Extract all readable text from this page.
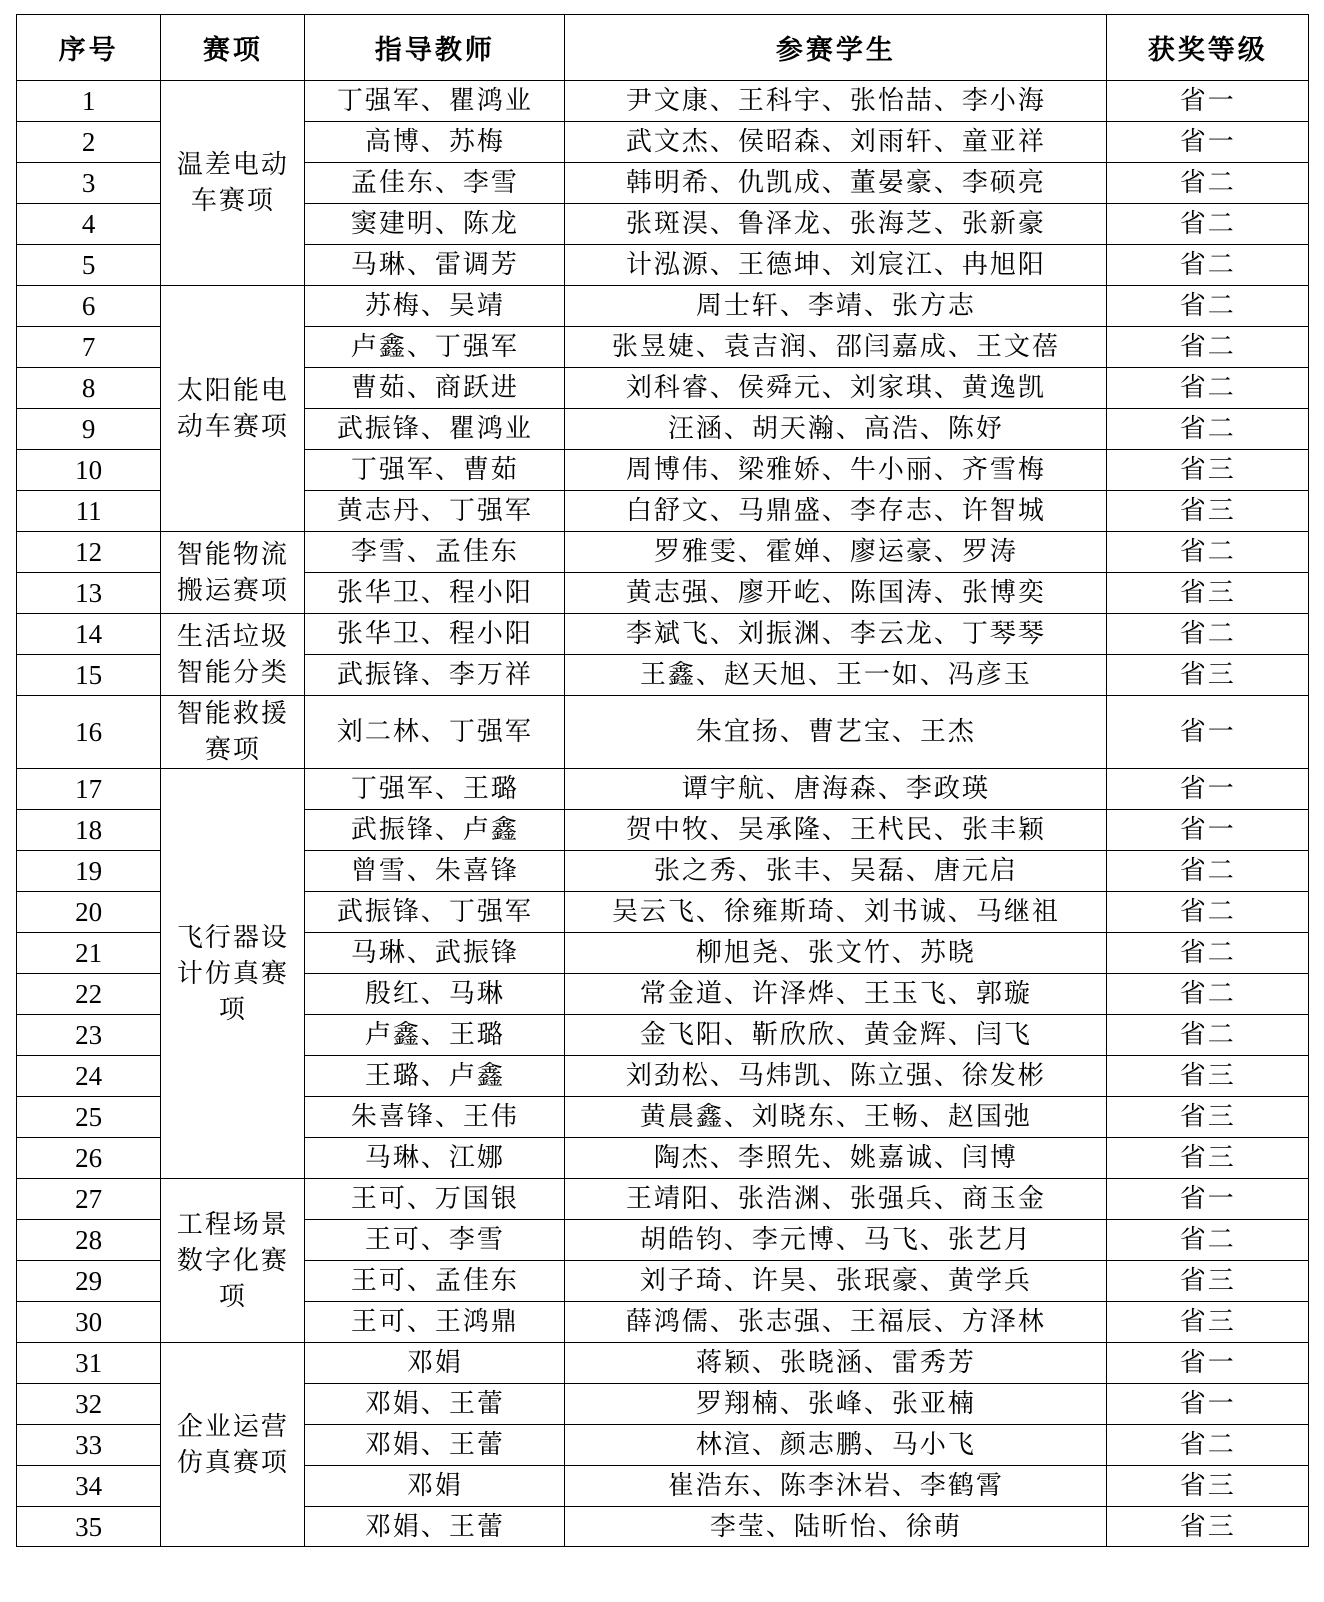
序号	赛项	指导教师	参赛学生	获奖等级
1	温差电动车赛项	丁强军、瞿鸿业	尹文康、王科宇、张怡喆、李小海	省一
2		高博、苏梅	武文杰、侯昭森、刘雨轩、童亚祥	省一
3		孟佳东、李雪	韩明希、仇凯成、董晏豪、李硕亮	省二
4		窦建明、陈龙	张斑淏、鲁泽龙、张海芝、张新豪	省二
5		马琳、雷调芳	计泓源、王德坤、刘宸江、冉旭阳	省二
6	太阳能电动车赛项	苏梅、吴靖	周士轩、李靖、张方志	省二
7		卢鑫、丁强军	张昱婕、袁吉润、邵闫嘉成、王文蓓	省二
8		曹茹、商跃进	刘科睿、侯舜元、刘家琪、黄逸凯	省二
9		武振锋、瞿鸿业	汪涵、胡天瀚、高浩、陈妤	省二
10		丁强军、曹茹	周博伟、梁雅娇、牛小丽、齐雪梅	省三
11		黄志丹、丁强军	白舒文、马鼎盛、李存志、许智城	省三
12	智能物流搬运赛项	李雪、孟佳东	罗雅雯、霍婵、廖运豪、罗涛	省二
13		张华卫、程小阳	黄志强、廖开屹、陈国涛、张博奕	省三
14	生活垃圾智能分类	张华卫、程小阳	李斌飞、刘振渊、李云龙、丁琴琴	省二
15		武振锋、李万祥	王鑫、赵天旭、王一如、冯彦玉	省三
16	智能救援赛项	刘二林、丁强军	朱宜扬、曹艺宝、王杰	省一
17	飞行器设计仿真赛项	丁强军、王璐	谭宇航、唐海森、李政瑛	省一
18		武振锋、卢鑫	贺中牧、吴承隆、王杙民、张丰颖	省一
19		曾雪、朱喜锋	张之秀、张丰、吴磊、唐元启	省二
20		武振锋、丁强军	吴云飞、徐雍斯琦、刘书诚、马继祖	省二
21		马琳、武振锋	柳旭尧、张文竹、苏晓	省二
22		殷红、马琳	常金道、许泽烨、王玉飞、郭璇	省二
23		卢鑫、王璐	金飞阳、靳欣欣、黄金辉、闫飞	省二
24		王璐、卢鑫	刘劲松、马炜凯、陈立强、徐发彬	省三
25		朱喜锋、王伟	黄晨鑫、刘晓东、王畅、赵国弛	省三
26		马琳、江娜	陶杰、李照先、姚嘉诚、闫博	省三
27	工程场景数字化赛项	王可、万国银	王靖阳、张浩渊、张强兵、商玉金	省一
28		王可、李雪	胡皓钧、李元博、马飞、张艺月	省二
29		王可、孟佳东	刘子琦、许昊、张珉豪、黄学兵	省三
30		王可、王鸿鼎	薛鸿儒、张志强、王福辰、方泽林	省三
31	企业运营仿真赛项	邓娟	蒋颖、张晓涵、雷秀芳	省一
32		邓娟、王蕾	罗翔楠、张峰、张亚楠	省一
33		邓娟、王蕾	林渲、颜志鹏、马小飞	省二
34		邓娟	崔浩东、陈李沐岩、李鹤霄	省三
35		邓娟、王蕾	李莹、陆昕怡、徐萌	省三
